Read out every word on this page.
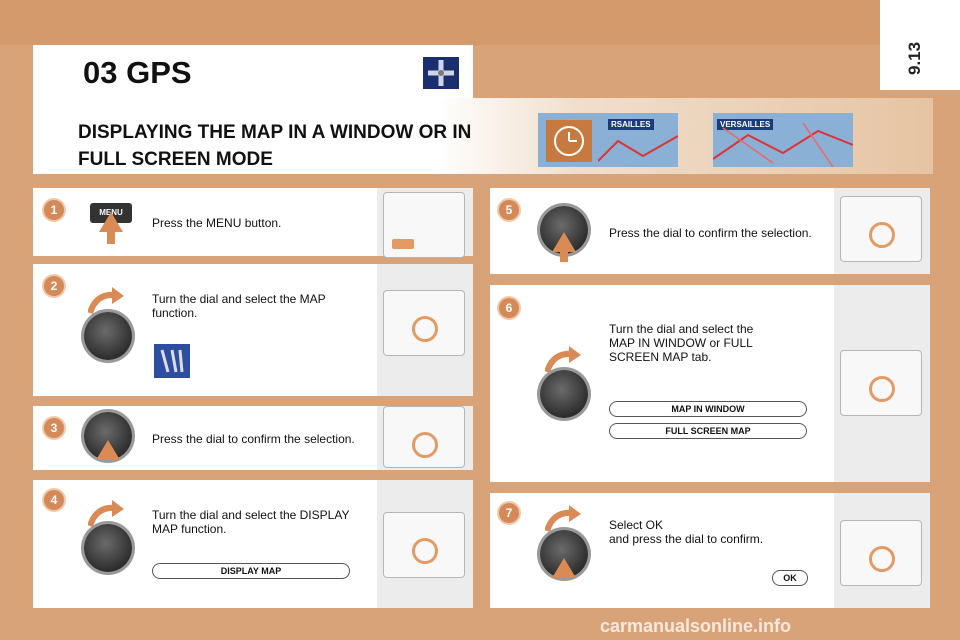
9.13
03 GPS
DISPLAYING THE MAP IN A WINDOW OR IN FULL SCREEN MODE
RSAILLES	VERSAILLES
1	MENU
Press the MENU button.
2
Turn the dial and select the MAP function.
3
Press the dial to confirm the selection.
4
Turn the dial and select the DISPLAY MAP function.
DISPLAY MAP
5
Press the dial to confirm the selection.
6
Turn the dial and select the MAP IN WINDOW or FULL SCREEN MAP tab.
MAP IN WINDOW
FULL SCREEN MAP
7
Select OK
and press the dial to confirm.
OK
carmanualsonline.info
